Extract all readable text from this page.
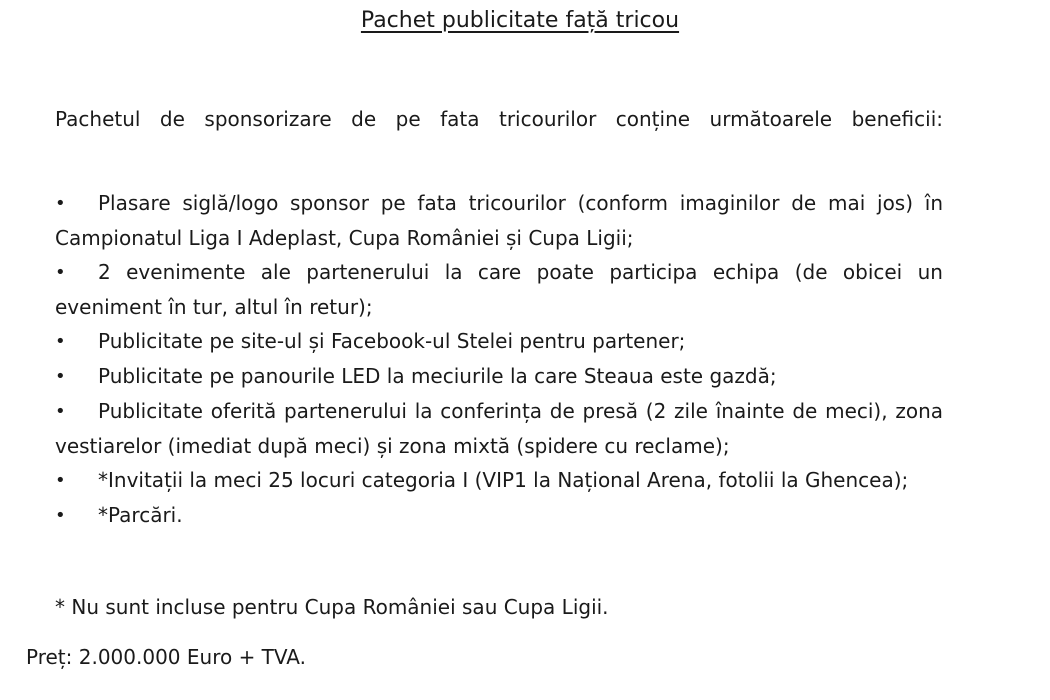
Pachet publicitate față tricou
Pachetul de sponsorizare de pe fata tricourilor conține următoarele beneficii:
• Plasare siglă/logo sponsor pe fata tricourilor (conform imaginilor de mai jos) în Campionatul Liga I Adeplast, Cupa României și Cupa Ligii;
• 2 evenimente ale partenerului la care poate participa echipa (de obicei un eveniment în tur, altul în retur);
• Publicitate pe site-ul și Facebook-ul Stelei pentru partener;
• Publicitate pe panourile LED la meciurile la care Steaua este gazdă;
• Publicitate oferită partenerului la conferința de presă (2 zile înainte de meci), zona vestiarelor (imediat după meci) și zona mixtă (spidere cu reclame);
• *Invitații la meci 25 locuri categoria I (VIP1 la Național Arena, fotolii la Ghencea);
• *Parcări.
* Nu sunt incluse pentru Cupa României sau Cupa Ligii.
Preț: 2.000.000 Euro + TVA.
